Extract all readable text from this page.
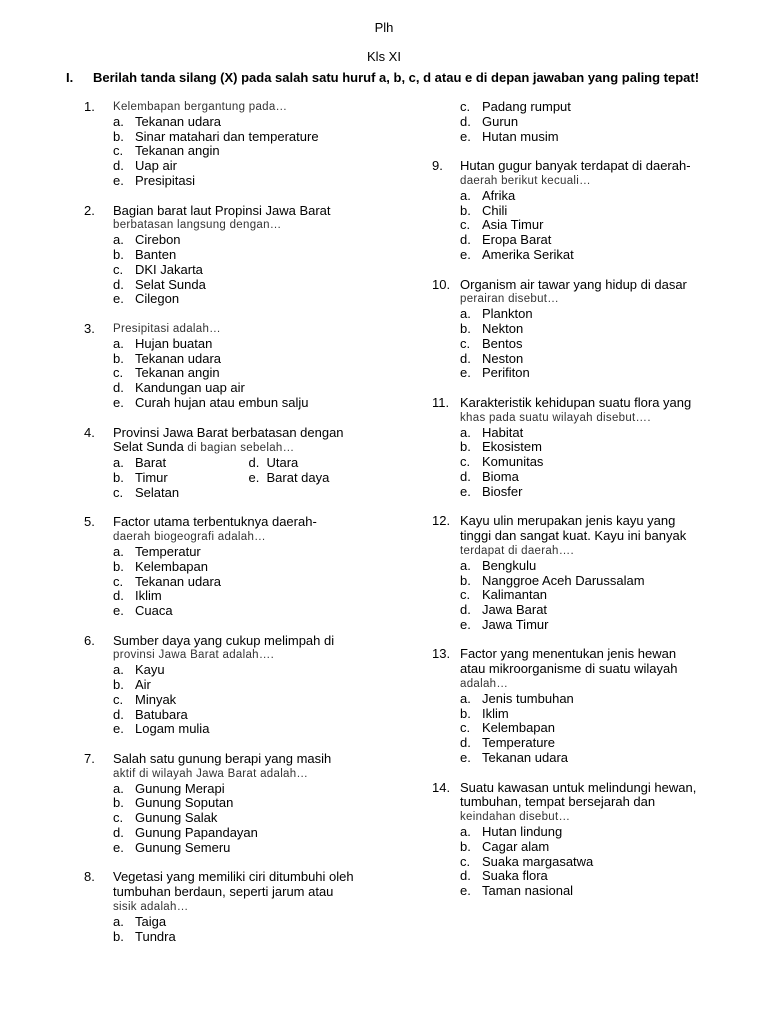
Plh
Kls XI
I. Berilah tanda silang (X) pada salah satu huruf a, b, c, d atau e di depan jawaban yang paling tepat!
1.	Kelembapan bergantung pada…
a. Tekanan udara
b. Sinar matahari dan temperature
c. Tekanan angin
d. Uap air
e. Presipitasi
2.	Bagian barat laut Propinsi Jawa Barat
berbatasan langsung dengan…
a. Cirebon
b. Banten
c. DKI Jakarta
d. Selat Sunda
e. Cilegon
3.	Presipitasi adalah…
a. Hujan buatan
b. Tekanan udara
c. Tekanan angin
d. Kandungan uap air
e. Curah hujan atau embun salju
4.	Provinsi Jawa Barat berbatasan dengan
Selat Sunda di bagian sebelah…
a. Barat	d. Utara
b. Timur	e. Barat daya
c. Selatan
5.	Factor utama terbentuknya daerah-
daerah biogeografi adalah…
a. Temperatur
b. Kelembapan
c. Tekanan udara
d. Iklim
e. Cuaca
6.	Sumber daya yang cukup melimpah di
provinsi Jawa Barat adalah….
a. Kayu
b. Air
c. Minyak
d. Batubara
e. Logam mulia
7.	Salah satu gunung berapi yang masih
aktif di wilayah Jawa Barat adalah…
a. Gunung Merapi
b. Gunung Soputan
c. Gunung Salak
d. Gunung Papandayan
e. Gunung Semeru
8.	Vegetasi yang memiliki ciri ditumbuhi oleh
tumbuhan berdaun, seperti jarum atau
sisik adalah…
a. Taiga
b. Tundra
c. Padang rumput
d. Gurun
e. Hutan musim
9.	Hutan gugur banyak terdapat di daerah-
daerah berikut kecuali…
a. Afrika
b. Chili
c. Asia Timur
d. Eropa Barat
e. Amerika Serikat
10. Organism air tawar yang hidup di dasar
perairan disebut…
a. Plankton
b. Nekton
c. Bentos
d. Neston
e. Perifiton
11. Karakteristik kehidupan suatu flora yang
khas pada suatu wilayah disebut….
a. Habitat
b. Ekosistem
c. Komunitas
d. Bioma
e. Biosfer
12. Kayu ulin merupakan jenis kayu yang
tinggi dan sangat kuat. Kayu ini banyak
terdapat di daerah….
a. Bengkulu
b. Nanggroe Aceh Darussalam
c. Kalimantan
d. Jawa Barat
e. Jawa Timur
13. Factor yang menentukan jenis hewan
atau mikroorganisme di suatu wilayah
adalah…
a. Jenis tumbuhan
b. Iklim
c. Kelembapan
d. Temperature
e. Tekanan udara
14. Suatu kawasan untuk melindungi hewan,
tumbuhan, tempat bersejarah dan
keindahan disebut…
a. Hutan lindung
b. Cagar alam
c. Suaka margasatwa
d. Suaka flora
e. Taman nasional
